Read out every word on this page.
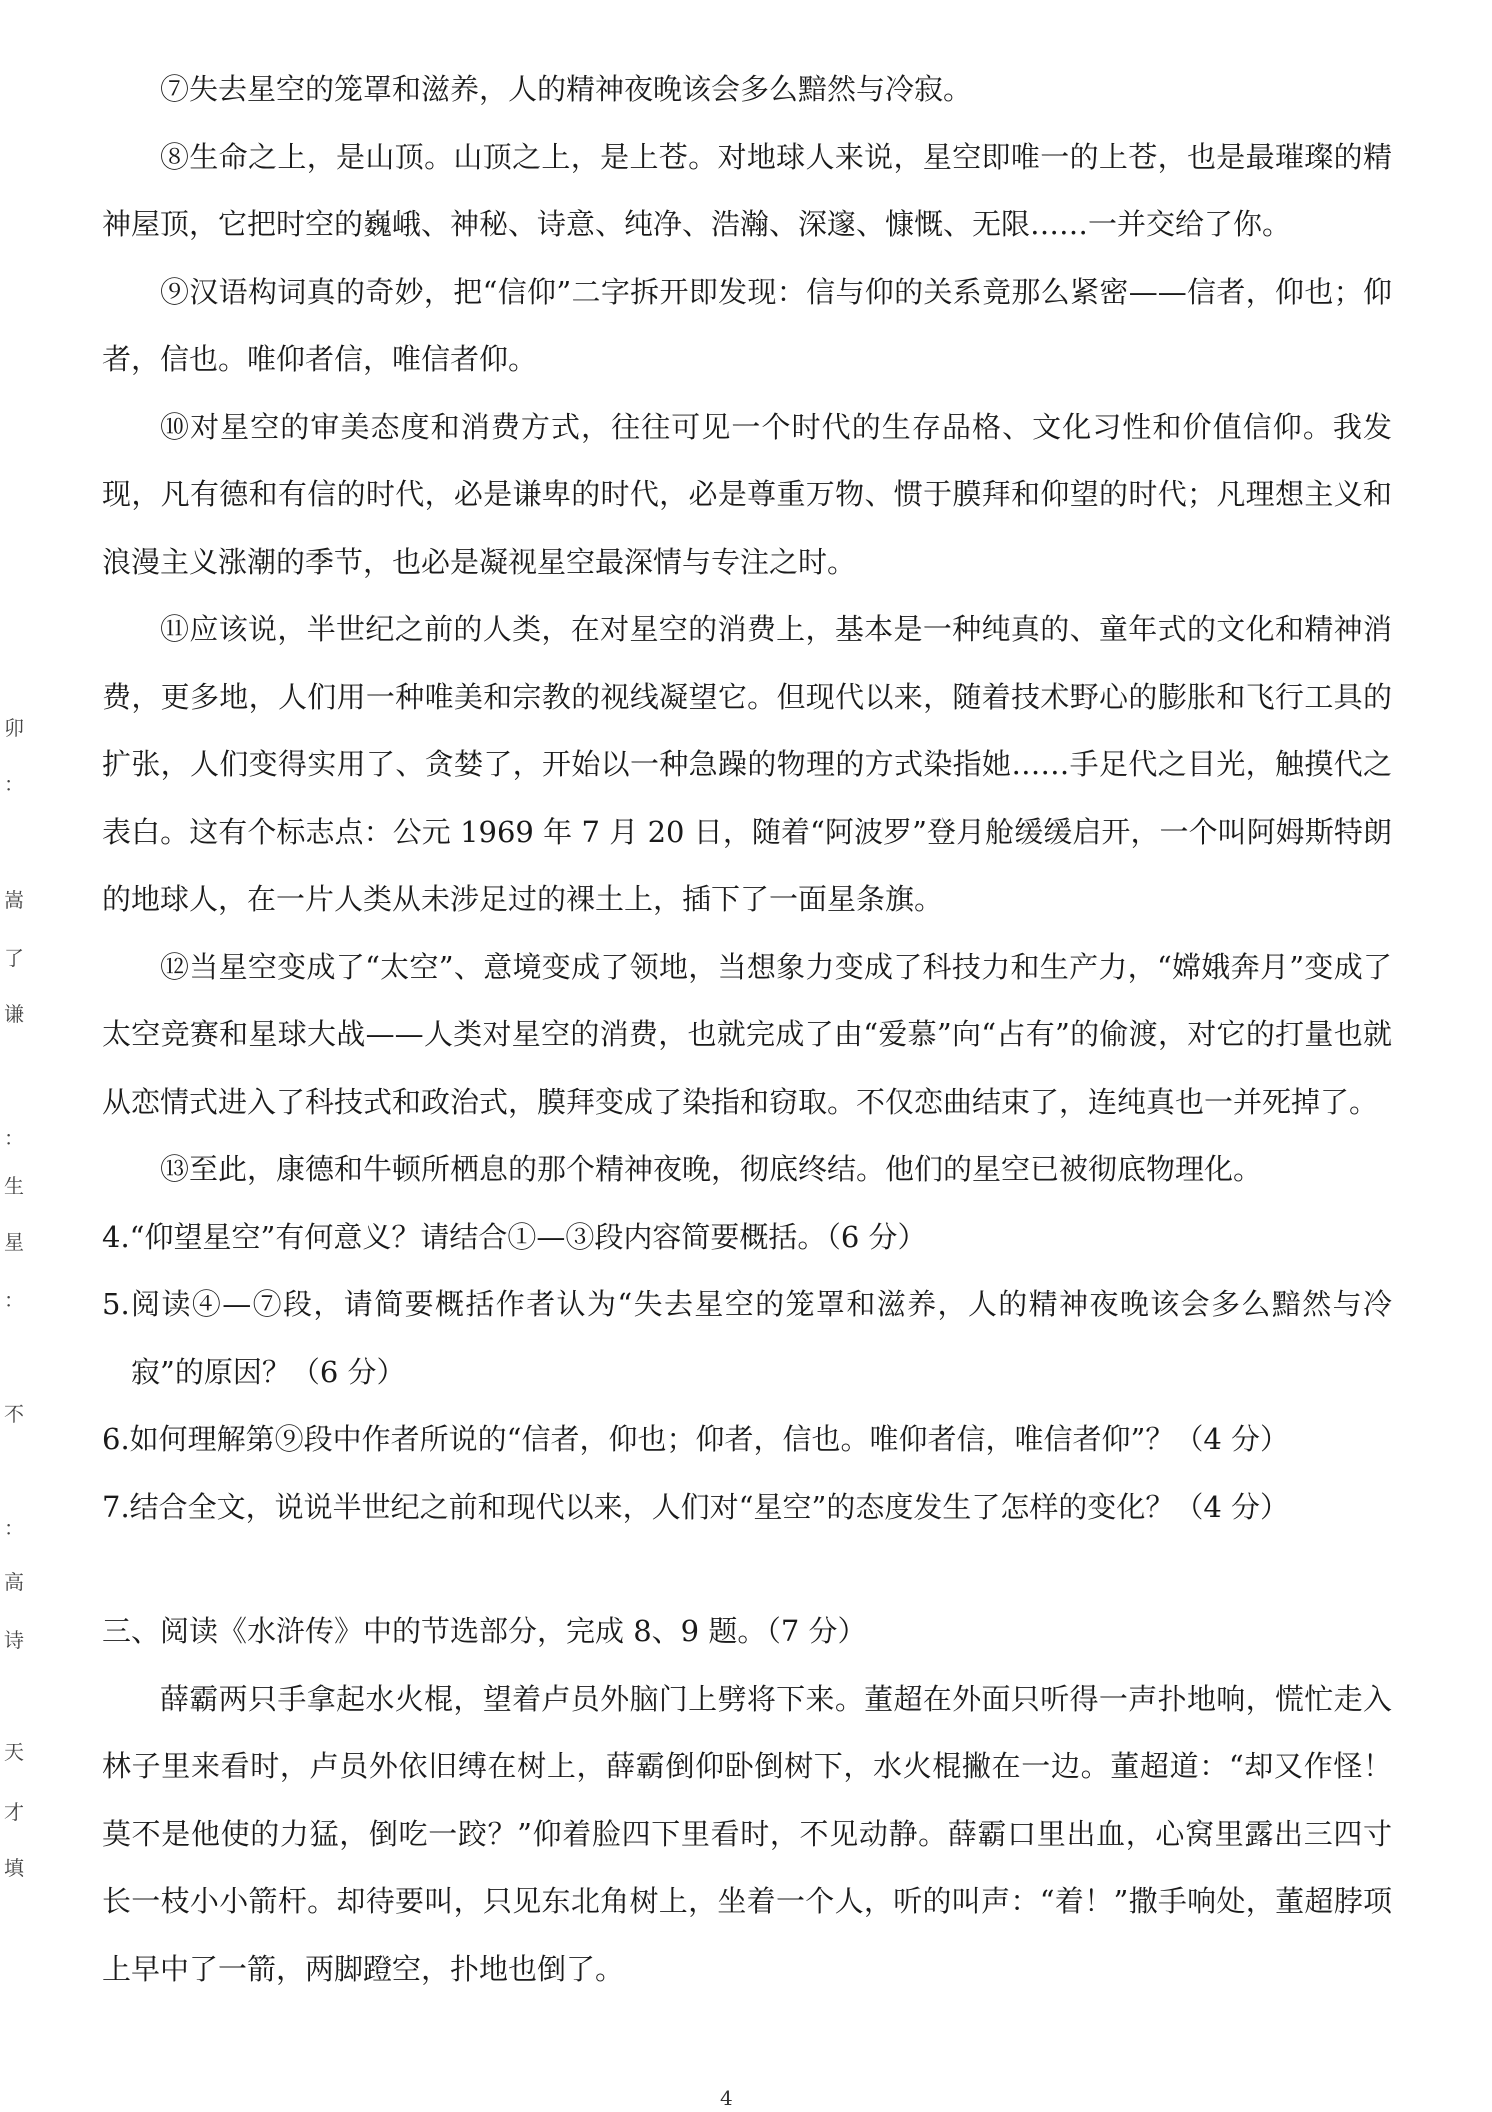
卯
：
嵩
了
谦
：
生
星
：
不
：
高
诗
天
才
填

⑦失去星空的笼罩和滋养，人的精神夜晚该会多么黯然与冷寂。

⑧生命之上，是山顶。山顶之上，是上苍。对地球人来说，星空即唯一的上苍，也是最璀璨的精神屋顶，它把时空的巍峨、神秘、诗意、纯净、浩瀚、深邃、慷慨、无限……一并交给了你。

⑨汉语构词真的奇妙，把“信仰”二字拆开即发现：信与仰的关系竟那么紧密——信者，仰也；仰者，信也。唯仰者信，唯信者仰。

⑩对星空的审美态度和消费方式，往往可见一个时代的生存品格、文化习性和价值信仰。我发现，凡有德和有信的时代，必是谦卑的时代，必是尊重万物、惯于膜拜和仰望的时代；凡理想主义和浪漫主义涨潮的季节，也必是凝视星空最深情与专注之时。

⑪应该说，半世纪之前的人类，在对星空的消费上，基本是一种纯真的、童年式的文化和精神消费，更多地，人们用一种唯美和宗教的视线凝望它。但现代以来，随着技术野心的膨胀和飞行工具的扩张，人们变得实用了、贪婪了，开始以一种急躁的物理的方式染指她……手足代之目光，触摸代之表白。这有个标志点：公元 1969 年 7 月 20 日，随着“阿波罗”登月舱缓缓启开，一个叫阿姆斯特朗的地球人，在一片人类从未涉足过的裸土上，插下了一面星条旗。

⑫当星空变成了“太空”、意境变成了领地，当想象力变成了科技力和生产力，“嫦娥奔月”变成了太空竞赛和星球大战——人类对星空的消费，也就完成了由“爱慕”向“占有”的偷渡，对它的打量也就从恋情式进入了科技式和政治式，膜拜变成了染指和窃取。不仅恋曲结束了，连纯真也一并死掉了。

⑬至此，康德和牛顿所栖息的那个精神夜晚，彻底终结。他们的星空已被彻底物理化。

4.“仰望星空”有何意义？请结合①—③段内容简要概括。（6 分）

5.阅读④—⑦段，请简要概括作者认为“失去星空的笼罩和滋养，人的精神夜晚该会多么黯然与冷寂”的原因？（6 分）

6.如何理解第⑨段中作者所说的“信者，仰也；仰者，信也。唯仰者信，唯信者仰”？（4 分）

7.结合全文，说说半世纪之前和现代以来，人们对“星空”的态度发生了怎样的变化？（4 分）

三、阅读《水浒传》中的节选部分，完成 8、9 题。（7 分）

薛霸两只手拿起水火棍，望着卢员外脑门上劈将下来。董超在外面只听得一声扑地响，慌忙走入林子里来看时，卢员外依旧缚在树上，薛霸倒仰卧倒树下，水火棍撇在一边。董超道：“却又作怪！莫不是他使的力猛，倒吃一跤？”仰着脸四下里看时，不见动静。薛霸口里出血，心窝里露出三四寸长一枝小小箭杆。却待要叫，只见东北角树上，坐着一个人，听的叫声：“着！”撒手响处，董超脖项上早中了一箭，两脚蹬空，扑地也倒了。

4
